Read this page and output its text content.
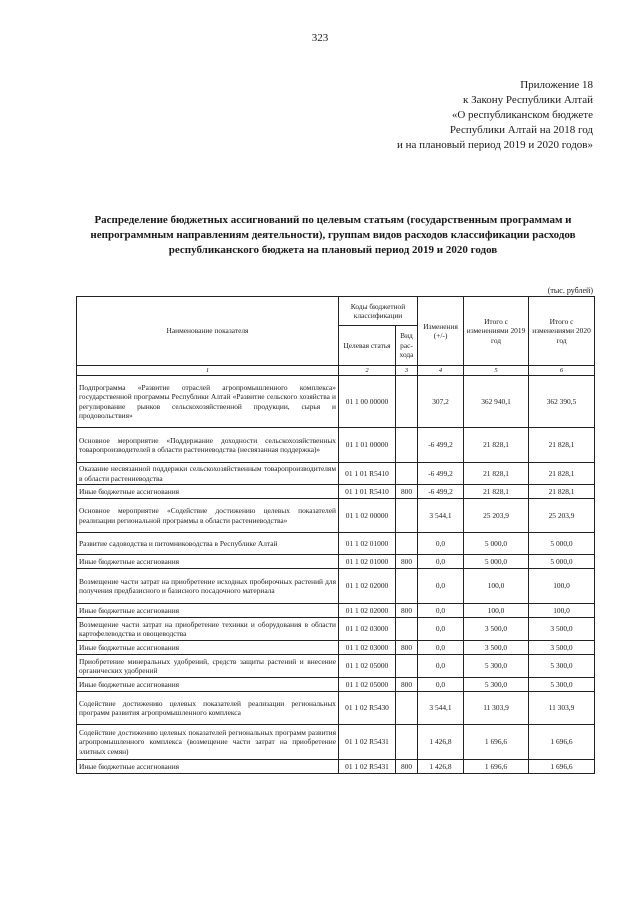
323
Приложение 18
к Закону Республики Алтай
«О республиканском бюджете
Республики Алтай на 2018 год
и на плановый период 2019 и 2020 годов»
Распределение бюджетных ассигнований по целевым статьям (государственным программам и непрограммным направлениям деятельности), группам видов расходов классификации расходов республиканского бюджета на плановый период 2019 и 2020 годов
(тыс. рублей)
Наименование показателя	Коды бюджетной классификации		Изменения (+/-)	Итого с изменениями 2019 год	Итого с изменениями 2020 год
	Целевая статья	Вид рас-хода			
1	2	3	4	5	6
Подпрограмма «Развитие отраслей агропромышленного комплекса» государственной программы Республики Алтай «Развитие сельского хозяйства и регулирование рынков сельскохозяйственной продукции, сырья и продовольствия»	01 1 00 00000		307,2	362 940,1	362 390,5
Основное мероприятие «Поддержание доходности сельскохозяйственных товаропроизводителей в области растениеводства (несвязанная поддержка)»	01 1 01 00000		-6 499,2	21 828,1	21 828,1
Оказание несвязанной поддержки сельскохозяйственным товаропроизводителям в области растениеводства	01 1 01 R5410		-6 499,2	21 828,1	21 828,1
Иные бюджетные ассигнования	01 1 01 R5410	800	-6 499,2	21 828,1	21 828,1
Основное мероприятие «Содействие достижению целевых показателей реализации региональной программы в области растениеводства»	01 1 02 00000		3 544,1	25 203,9	25 203,9
Развитие садоводства и питомниководства в Республике Алтай	01 1 02 01000		0,0	5 000,0	5 000,0
Иные бюджетные ассигнования	01 1 02 01000	800	0,0	5 000,0	5 000,0
Возмещение части затрат на приобретение исходных пробирочных растений для получения предбазисного и базисного посадочного материала	01 1 02 02000		0,0	100,0	100,0
Иные бюджетные ассигнования	01 1 02 02000	800	0,0	100,0	100,0
Возмещение части затрат на приобретение техники и оборудования в области картофелеводства и овощеводства	01 1 02 03000		0,0	3 500,0	3 500,0
Иные бюджетные ассигнования	01 1 02 03000	800	0,0	3 500,0	3 500,0
Приобретение минеральных удобрений, средств защиты растений и внесение органических удобрений	01 1 02 05000		0,0	5 300,0	5 300,0
Иные бюджетные ассигнования	01 1 02 05000	800	0,0	5 300,0	5 300,0
Содействие достижению целевых показателей реализации региональных программ развития агропромышленного комплекса	01 1 02 R5430		3 544,1	11 303,9	11 303,9
Содействие достижению целевых показателей региональных программ развития агропромышленного комплекса (возмещение части затрат на приобретение элитных семян)	01 1 02 R5431		1 426,8	1 696,6	1 696,6
Иные бюджетные ассигнования	01 1 02 R5431	800	1 426,8	1 696,6	1 696,6
